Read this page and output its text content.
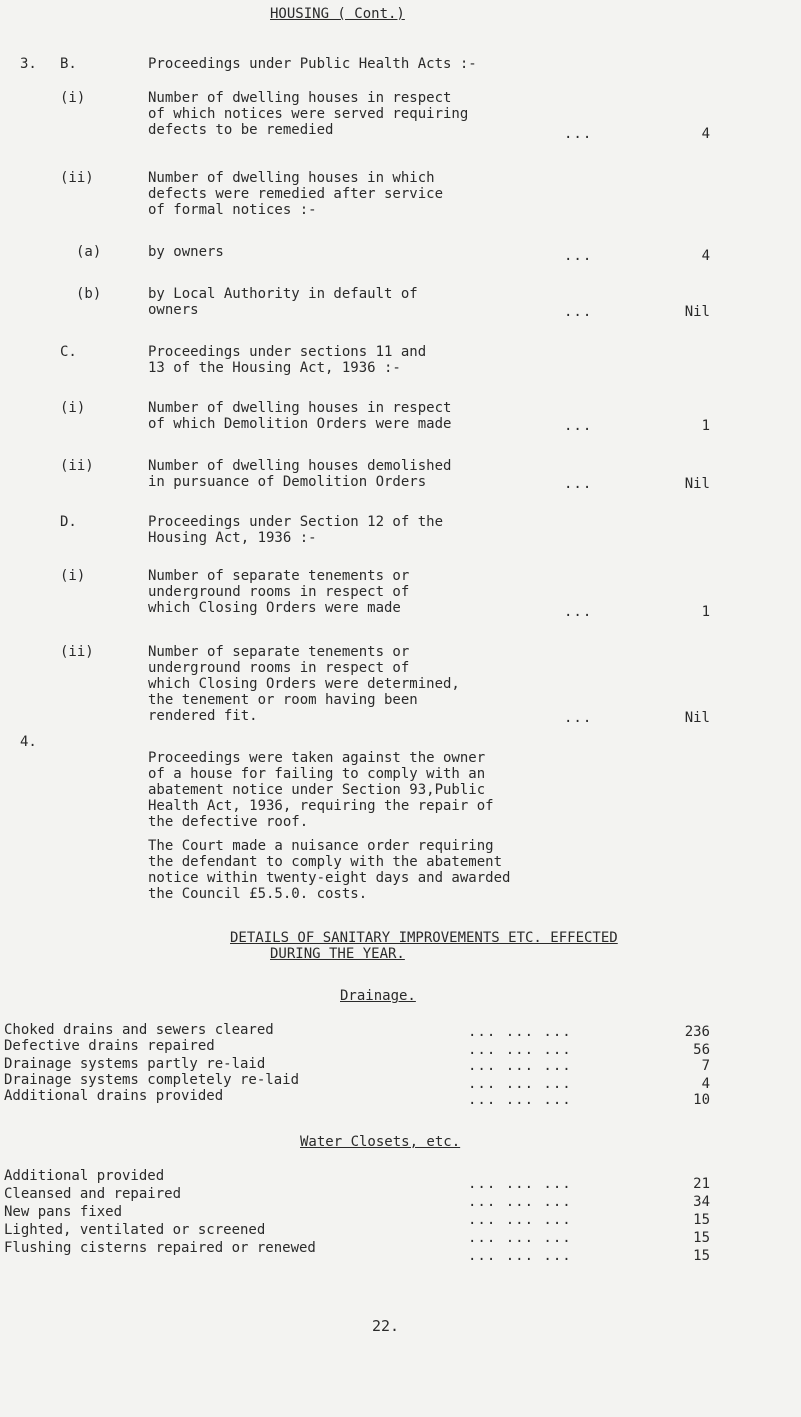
HOUSING ( Cont.)
3. B.	Proceedings under Public Health Acts :-
(i)	Number of dwelling houses in respect
of which notices were served requiring
defects to be remedied	...	4
(ii)	Number of dwelling houses in which
defects were remedied after service
of formal notices :-
(a)	by owners	...	4
(b)	by Local Authority in default of
owners	...	Nil
C.	Proceedings under sections 11 and
13 of the Housing Act, 1936 :-
(i)	Number of dwelling houses in respect
of which Demolition Orders were made	...	1
(ii)	Number of dwelling houses demolished
in pursuance of Demolition Orders	...	Nil
D.	Proceedings under Section 12 of the
Housing Act, 1936 :-
(i)	Number of separate tenements or
underground rooms in respect of
which Closing Orders were made	...	1
(ii)	Number of separate tenements or
underground rooms in respect of
which Closing Orders were determined,
the tenement or room having been
rendered fit.	...	Nil
4.
Proceedings were taken against the owner
of a house for failing to comply with an
abatement notice under Section 93,Public
Health Act, 1936, requiring the repair of
the defective roof.
The Court made a nuisance order requiring
the defendant to comply with the abatement
notice within twenty-eight days and awarded
the Council £5.5.0. costs.
DETAILS OF SANITARY IMPROVEMENTS ETC. EFFECTED
DURING THE YEAR.
Drainage.
Choked drains and sewers cleared	... ... ...	236
Defective drains repaired	... ... ...	56
Drainage systems partly re-laid	... ... ...	7
Drainage systems completely re-laid	... ... ...	4
Additional drains provided	... ... ...	10
Water Closets, etc.
Additional provided	... ... ...	21
Cleansed and repaired	... ... ...	34
New pans fixed	... ... ...	15
Lighted, ventilated or screened	... ... ...	15
Flushing cisterns repaired or renewed	... ... ...	15
22.
